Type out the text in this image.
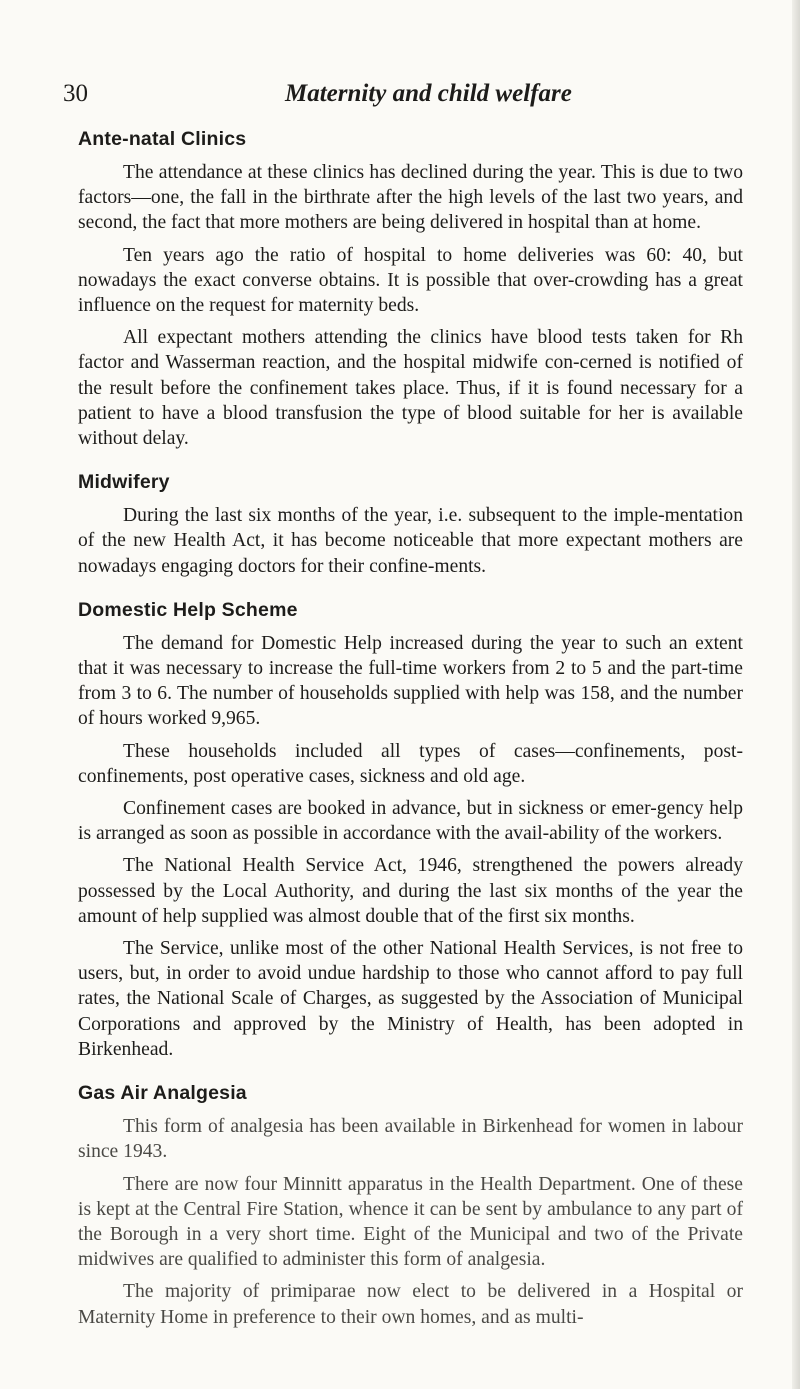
30	Maternity and child welfare
Ante-natal Clinics

The attendance at these clinics has declined during the year. This is due to two factors—one, the fall in the birthrate after the high levels of the last two years, and second, the fact that more mothers are being delivered in hospital than at home.

Ten years ago the ratio of hospital to home deliveries was 60: 40, but nowadays the exact converse obtains. It is possible that over-crowding has a great influence on the request for maternity beds.

All expectant mothers attending the clinics have blood tests taken for Rh factor and Wasserman reaction, and the hospital midwife con-cerned is notified of the result before the confinement takes place. Thus, if it is found necessary for a patient to have a blood transfusion the type of blood suitable for her is available without delay.

Midwifery

During the last six months of the year, i.e. subsequent to the imple-mentation of the new Health Act, it has become noticeable that more expectant mothers are nowadays engaging doctors for their confine-ments.

Domestic Help Scheme

The demand for Domestic Help increased during the year to such an extent that it was necessary to increase the full-time workers from 2 to 5 and the part-time from 3 to 6. The number of households supplied with help was 158, and the number of hours worked 9,965.

These households included all types of cases—confinements, post-confinements, post operative cases, sickness and old age.

Confinement cases are booked in advance, but in sickness or emer-gency help is arranged as soon as possible in accordance with the avail-ability of the workers.

The National Health Service Act, 1946, strengthened the powers already possessed by the Local Authority, and during the last six months of the year the amount of help supplied was almost double that of the first six months.

The Service, unlike most of the other National Health Services, is not free to users, but, in order to avoid undue hardship to those who cannot afford to pay full rates, the National Scale of Charges, as suggested by the Association of Municipal Corporations and approved by the Ministry of Health, has been adopted in Birkenhead.

Gas Air Analgesia

This form of analgesia has been available in Birkenhead for women in labour since 1943.

There are now four Minnitt apparatus in the Health Department. One of these is kept at the Central Fire Station, whence it can be sent by ambulance to any part of the Borough in a very short time. Eight of the Municipal and two of the Private midwives are qualified to administer this form of analgesia.

The majority of primiparae now elect to be delivered in a Hospital or Maternity Home in preference to their own homes, and as multi-
